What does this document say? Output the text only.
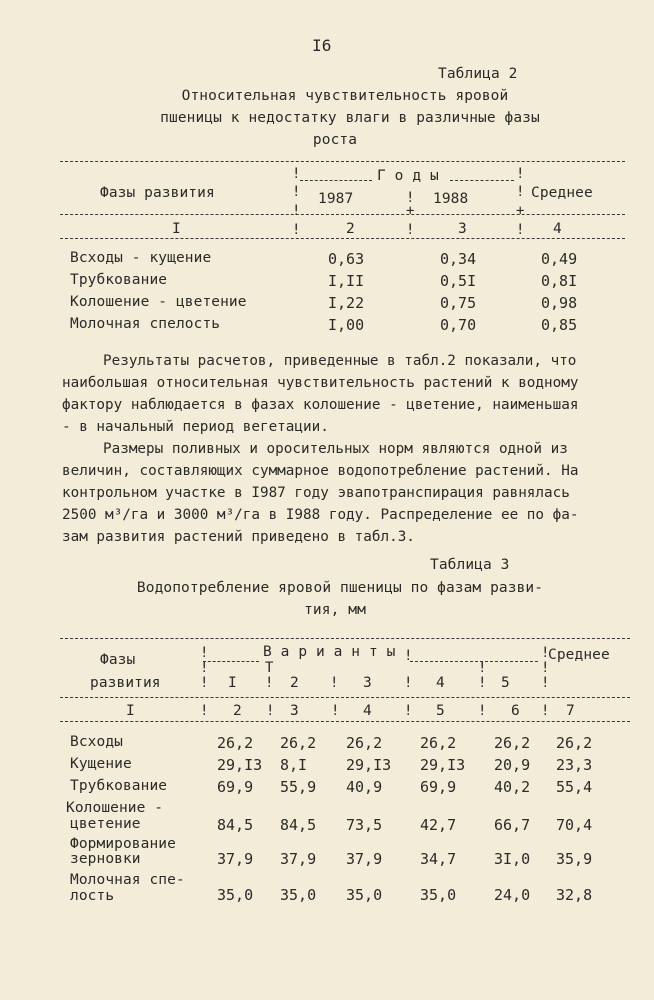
I6
Таблица 2
Относительная чувствительность яровой
пшеницы к недостатку влаги в различные фазы
роста
Фазы развития
Г о д ы
1987	1988	Среднее
!
!
!
!
!
+
!
!
!
+
!
I	2	3	4
Всходы - кущение	0,63	0,34	0,49
Трубкование	I,II	0,5I	0,8I
Колошение - цветение	I,22	0,75	0,98
Молочная спелость	I,00	0,70	0,85
Результаты расчетов, приведенные в табл.2 показали, что
наибольшая относительная чувствительность растений к водному
фактору наблюдается в фазах колошение - цветение, наименьшая
- в начальный период вегетации.
Размеры поливных и оросительных норм являются одной из
величин, составляющих суммарное водопотребление растений. На
контрольном участке в I987 году эвапотранспирация равнялась
2500 м³/га и 3000 м³/га в I988 году. Распределение ее по фа-
зам развития растений приведено в табл.3.
Таблица 3
Водопотребление яровой пшеницы по фазам разви-
тия, мм
Фазы
развития
В а р и а н т ы	Среднее
I	2	3	4	5
!
!
!
T
!	!
!
!
!
!
!
!
!
I	2	3	4	5	6	7
!	!	!	!	!	!
Всходы	26,2 26,2 26,2	26,2	26,2 26,2
Кущение	29,I3 8,I	29,I3 29,I3 20,9 23,3
Трубкование	69,9 55,9 40,9	69,9	40,2 55,4
Колошение -
цветение	84,5 84,5 73,5	42,7	66,7 70,4
Формирование
зерновки	37,9 37,9 37,9	34,7	3I,0 35,9
Молочная спе-
лость	35,0 35,0 35,0	35,0	24,0 32,8
